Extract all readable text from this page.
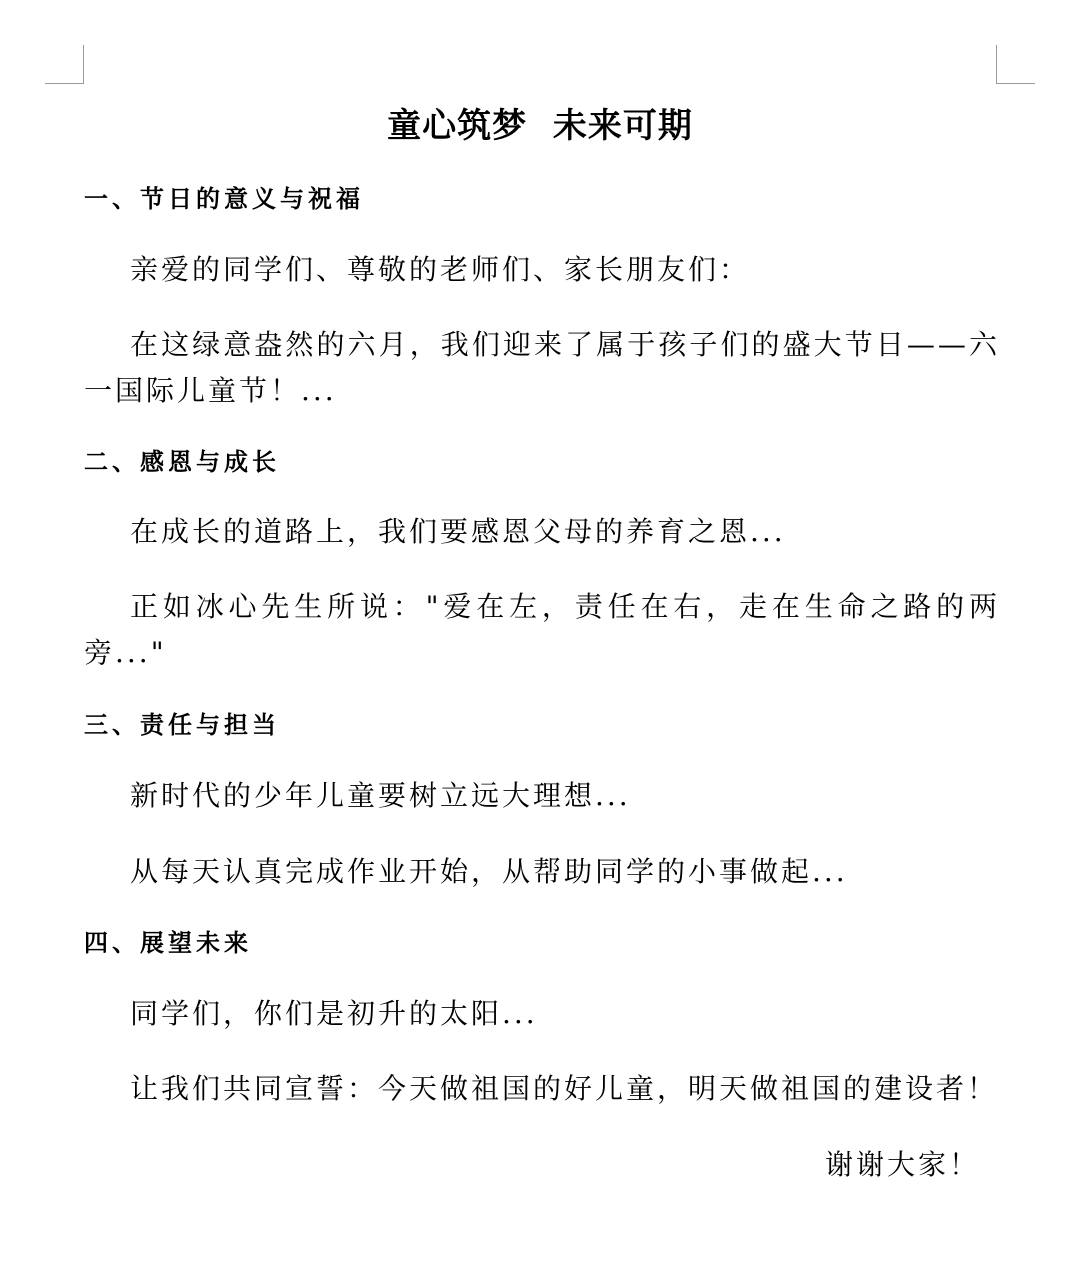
童心筑梦  未来可期
一、节日的意义与祝福
亲爱的同学们、尊敬的老师们、家长朋友们：
在这绿意盎然的六月，我们迎来了属于孩子们的盛大节日——六一国际儿童节！...
二、感恩与成长
在成长的道路上，我们要感恩父母的养育之恩...
正如冰心先生所说："爱在左，责任在右，走在生命之路的两旁..."
三、责任与担当
新时代的少年儿童要树立远大理想...
从每天认真完成作业开始，从帮助同学的小事做起...
四、展望未来
同学们，你们是初升的太阳...
让我们共同宣誓：今天做祖国的好儿童，明天做祖国的建设者！
谢谢大家！
